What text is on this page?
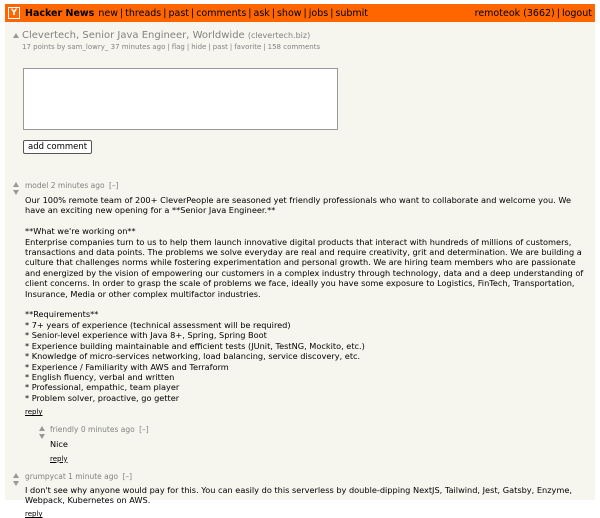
Y Hacker News new | threads | past | comments | ask | show | jobs | submit	remoteok (3662) | logout
Clevertech, Senior Java Engineer, Worldwide (clevertech.biz)
17 points by sam_lowry_ 37 minutes ago | flag | hide | past | favorite | 158 comments
add comment
model 2 minutes ago [–]
Our 100% remote team of 200+ CleverPeople are seasoned yet friendly professionals who want to collaborate and welcome you. We have an exciting new opening for a **Senior Java Engineer.**

**What we're working on**
Enterprise companies turn to us to help them launch innovative digital products that interact with hundreds of millions of customers, transactions and data points. The problems we solve everyday are real and require creativity, grit and determination. We are building a culture that challenges norms while fostering experimentation and personal growth. We are hiring team members who are passionate and energized by the vision of empowering our customers in a complex industry through technology, data and a deep understanding of client concerns. In order to grasp the scale of problems we face, ideally you have some exposure to Logistics, FinTech, Transportation, Insurance, Media or other complex multifactor industries.

**Requirements**
* 7+ years of experience (technical assessment will be required)
* Senior-level experience with Java 8+, Spring, Spring Boot
* Experience building maintainable and efficient tests (JUnit, TestNG, Mockito, etc.)
* Knowledge of micro-services networking, load balancing, service discovery, etc.
* Experience / Familiarity with AWS and Terraform
* English fluency, verbal and written
* Professional, empathic, team player
* Problem solver, proactive, go getter
reply
friendly 0 minutes ago [–]
Nice
reply
grumpycat 1 minute ago [–]
I don't see why anyone would pay for this. You can easily do this serverless by double-dipping NextJS, Tailwind, Jest, Gatsby, Enzyme, Webpack, Kubernetes on AWS.
reply
